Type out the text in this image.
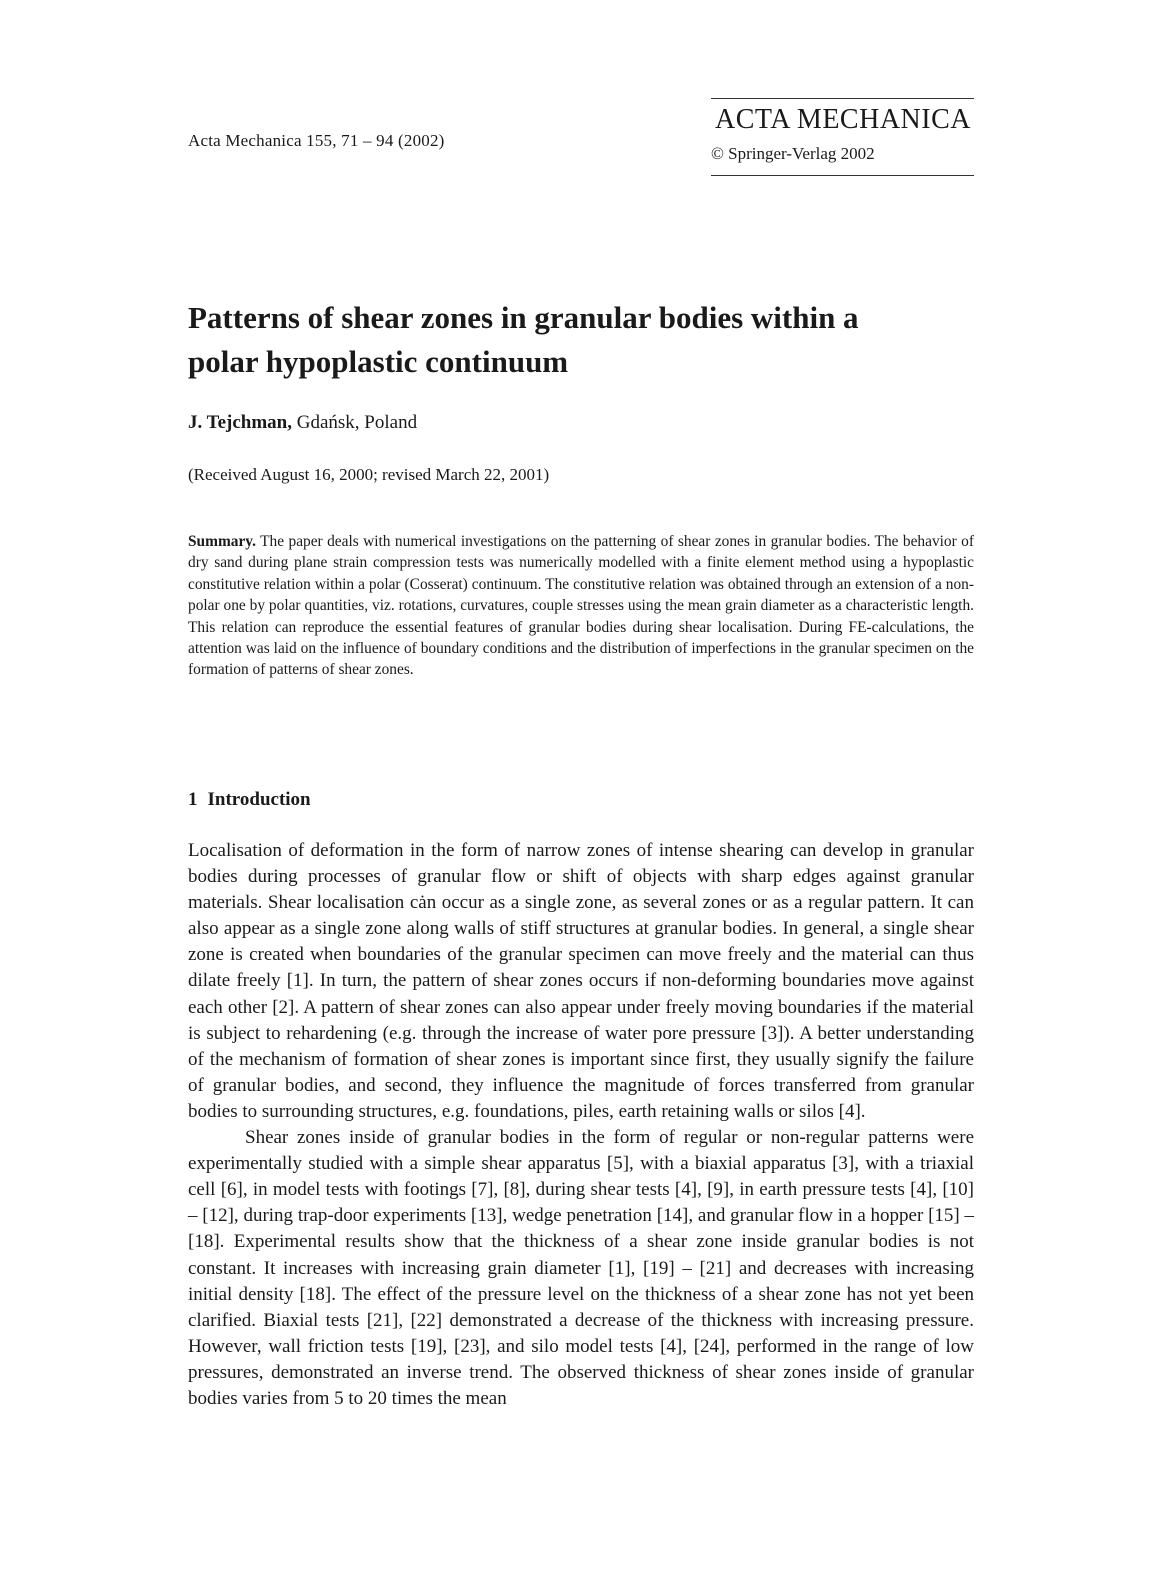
Acta Mechanica 155, 71 – 94 (2002)
ACTA MECHANICA
© Springer-Verlag 2002
Patterns of shear zones in granular bodies within a
polar hypoplastic continuum
J. Tejchman, Gdańsk, Poland
(Received August 16, 2000; revised March 22, 2001)

Summary. The paper deals with numerical investigations on the patterning of shear zones in granular bodies. The behavior of dry sand during plane strain compression tests was numerically modelled with a finite element method using a hypoplastic constitutive relation within a polar (Cosserat) continuum. The constitutive relation was obtained through an extension of a non-polar one by polar quantities, viz. rotations, curvatures, couple stresses using the mean grain diameter as a characteristic length. This relation can reproduce the essential features of granular bodies during shear localisation. During FE-calculations, the attention was laid on the influence of boundary conditions and the distribution of imperfections in the granular specimen on the formation of patterns of shear zones.

1 Introduction

Localisation of deformation in the form of narrow zones of intense shearing can develop in granular bodies during processes of granular flow or shift of objects with sharp edges against granular materials. Shear localisation cȧn occur as a single zone, as several zones or as a regular pattern. It can also appear as a single zone along walls of stiff structures at granular bodies. In general, a single shear zone is created when boundaries of the granular specimen can move freely and the material can thus dilate freely [1]. In turn, the pattern of shear zones occurs if non-deforming boundaries move against each other [2]. A pattern of shear zones can also appear under freely moving boundaries if the material is subject to rehardening (e.g. through the increase of water pore pressure [3]). A better understanding of the mechanism of formation of shear zones is important since first, they usually signify the failure of granular bodies, and second, they influence the magnitude of forces transferred from granular bodies to surrounding structures, e.g. foundations, piles, earth retaining walls or silos [4].

Shear zones inside of granular bodies in the form of regular or non-regular patterns were experimentally studied with a simple shear apparatus [5], with a biaxial apparatus [3], with a triaxial cell [6], in model tests with footings [7], [8], during shear tests [4], [9], in earth pressure tests [4], [10] – [12], during trap-door experiments [13], wedge penetration [14], and granular flow in a hopper [15] – [18]. Experimental results show that the thickness of a shear zone inside granular bodies is not constant. It increases with increasing grain diameter [1], [19] – [21] and decreases with increasing initial density [18]. The effect of the pressure level on the thickness of a shear zone has not yet been clarified. Biaxial tests [21], [22] demonstrated a decrease of the thickness with increasing pressure. However, wall friction tests [19], [23], and silo model tests [4], [24], performed in the range of low pressures, demonstrated an inverse trend. The observed thickness of shear zones inside of granular bodies varies from 5 to 20 times the mean
